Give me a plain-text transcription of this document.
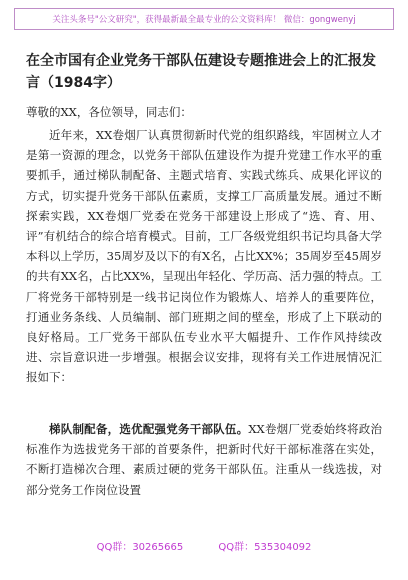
关注头条号"公文研究"，获得最新最全最专业的公文资料库！ 微信：gongwenyj
在全市国有企业党务干部队伍建设专题推进会上的汇报发言（1984字）
尊敬的XX，各位领导，同志们：
近年来，XX卷烟厂认真贯彻新时代党的组织路线，牢固树立人才是第一资源的理念，以党务干部队伍建设作为提升党建工作水平的重要抓手，通过梯队制配备、主题式培育、实践式练兵、成果化评议的方式，切实提升党务干部队伍素质，支撑工厂高质量发展。通过不断探索实践，XX卷烟厂党委在党务干部建设上形成了“选、育、用、评”有机结合的综合培育模式。目前，工厂各级党组织书记均具备大学本科以上学历，35周岁及以下的有X名，占比XX%；35周岁至45周岁的共有XX名，占比XX%，呈现出年轻化、学历高、活力强的特点。工厂将党务干部特别是一线书记岗位作为锻炼人、培养人的重要阵位，打通业务条线、人员编制、部门班期之间的壁垒，形成了上下联动的良好格局。工厂党务干部队伍专业水平大幅提升、工作作风持续改进、宗旨意识进一步增强。根据会议安排，现将有关工作进展情况汇报如下：
梯队制配备，选优配强党务干部队伍。XX卷烟厂党委始终将政治标准作为选拔党务干部的首要条件，把新时代好干部标准落在实处，不断打造梯次合理、素质过硬的党务干部队伍。注重从一线选拔，对部分党务工作岗位设置
QQ群：30265665	QQ群：535304092
